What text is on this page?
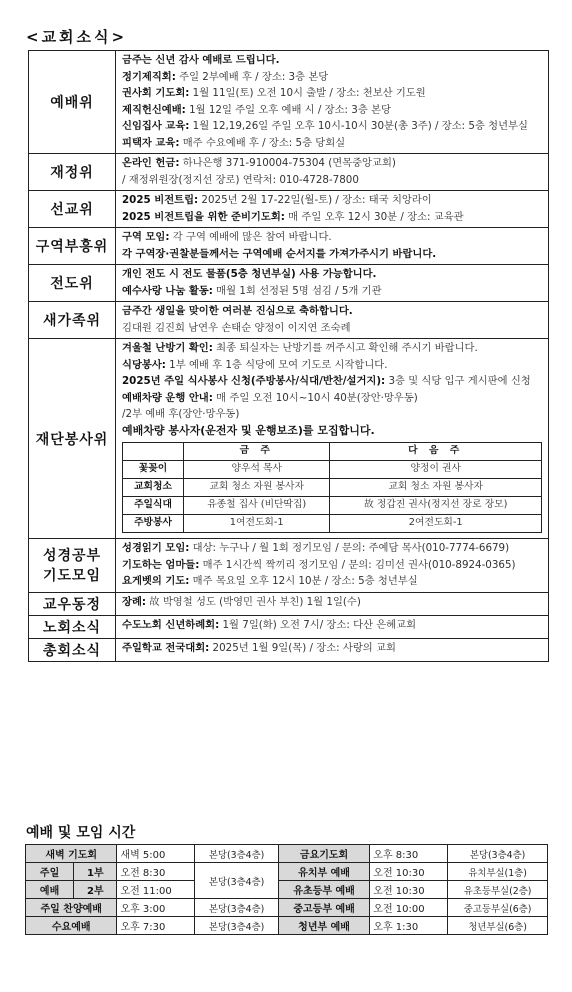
<교회소식>
예배위	
금주는 신년 감사 예배로 드립니다.
정기제직회: 주일 2부예배 후 / 장소: 3층 본당
권사회 기도회: 1월 11일(토) 오전 10시 출발 / 장소: 천보산 기도원
제직헌신예배: 1월 12일 주일 오후 예배 시 / 장소: 3층 본당
신임집사 교육: 1월 12,19,26일 주일 오후 10시-10시 30분(총 3주) / 장소: 5층 청년부실
피택자 교육: 매주 수요예배 후 / 장소: 5층 당회실

재정위	
온라인 헌금: 하나은행 371-910004-75304 (면목중앙교회)
/ 재정위원장(정지선 장로) 연락처: 010-4728-7800

선교위	
2025 비전트립: 2025년 2월 17-22일(월-토) / 장소: 태국 치앙라이
2025 비전트립을 위한 준비기도회: 매 주일 오후 12시 30분 / 장소: 교육관

구역부흥위	
구역 모임: 각 구역 예배에 많은 참여 바랍니다.
각 구역장·권찰분들께서는 구역예배 순서지를 가져가주시기 바랍니다.

전도위	
개인 전도 시 전도 물품(5층 청년부실) 사용 가능합니다.
예수사랑 나눔 활동: 매월 1회 선정된 5명 섬김 / 5개 기관

새가족위	
금주간 생일을 맞이한 여러분 진심으로 축하합니다.
김대원 김진희 남연우 손태순 양정이 이지연 조숙례

재단봉사위	
겨울철 난방기 확인: 최종 퇴실자는 난방기를 꺼주시고 확인해 주시기 바랍니다.
식당봉사: 1부 예배 후 1층 식당에 모여 기도로 시작합니다.
2025년 주일 식사봉사 신청(주방봉사/식대/반찬/설거지): 3층 및 식당 입구 게시판에 신청
예배차량 운행 안내: 매 주일 오전 10시~10시 40분(장안·망우동)
/2부 예배 후(장안·망우동)
예배차량 봉사자(운전자 및 운행보조)를 모집합니다.
	금 주	다 음 주
꽃꽂이	양우석 목사	양정이 권사
교회청소	교회 청소 자원 봉사자	교회 청소 자원 봉사자
주일식대	유종철 집사 (비단딱집)	故 정갑진 권사(정지선 장로 장모)
주방봉사	1여전도회-1	2여전도회-1

성경공부
기도모임	
성경읽기 모임: 대상: 누구나 / 월 1회 정기모임 / 문의: 주예담 목사(010-7774-6679)
기도하는 엄마들: 매주 1시간씩 짝끼리 정기모임 / 문의: 김미선 권사(010-8924-0365)
요게벳의 기도: 매주 목요일 오후 12시 10분 / 장소: 5층 청년부실

교우동정	장례: 故 박영철 성도 (박영민 권사 부친) 1월 1일(수)

노회소식	수도노회 신년하례회: 1월 7일(화) 오전 7시/ 장소: 다산 은혜교회

총회소식	주일학교 전국대회: 2025년 1월 9일(목) / 장소: 사랑의 교회
예배 및 모임 시간
새벽 기도회		새벽 5:00	본당(3층4층)	금요기도회	오후 8:30	본당(3층4층)
주일	1부	오전 8:30	본당(3층4층)	유치부 예배	오전 10:30	유치부실(1층)
예배	2부	오전 11:00		유초등부 예배	오전 10:30	유초등부실(2층)
주일 찬양예배		오후 3:00	본당(3층4층)	중고등부 예배	오전 10:00	중고등부실(6층)
수요예배		오후 7:30	본당(3층4층)	청년부 예배	오후 1:30	청년부실(6층)
